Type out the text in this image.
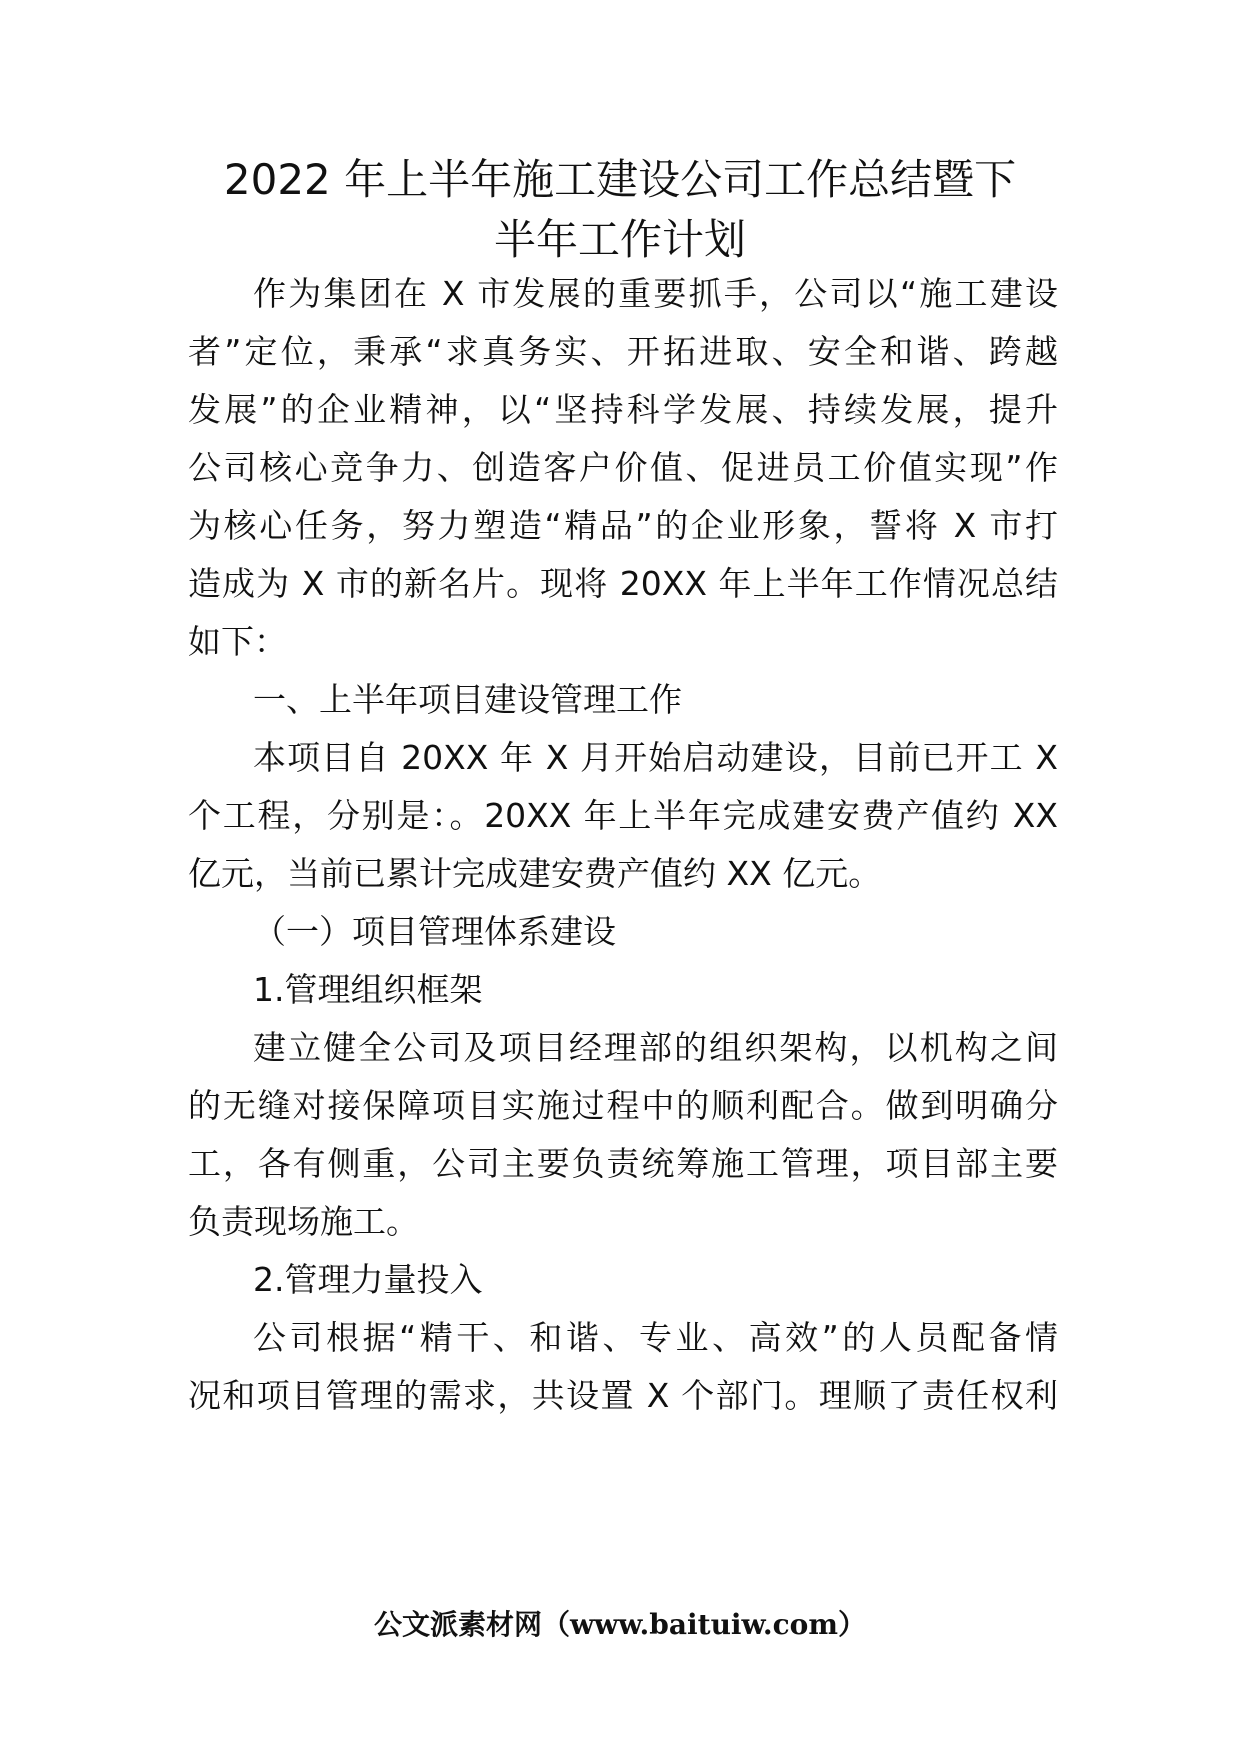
2022 年上半年施工建设公司工作总结暨下
半年工作计划
作为集团在 X 市发展的重要抓手，公司以“施工建设
者”定位，秉承“求真务实、开拓进取、安全和谐、跨越
发展”的企业精神，以“坚持科学发展、持续发展，提升
公司核心竞争力、创造客户价值、促进员工价值实现”作
为核心任务，努力塑造“精品”的企业形象，誓将 X 市打
造成为 X 市的新名片。现将 20XX 年上半年工作情况总结
如下：
一、上半年项目建设管理工作
本项目自 20XX 年 X 月开始启动建设，目前已开工 X
个工程，分别是：。20XX 年上半年完成建安费产值约 XX
亿元，当前已累计完成建安费产值约 XX 亿元。
（一）项目管理体系建设
1.管理组织框架
建立健全公司及项目经理部的组织架构，以机构之间
的无缝对接保障项目实施过程中的顺利配合。做到明确分
工，各有侧重，公司主要负责统筹施工管理，项目部主要
负责现场施工。
2.管理力量投入
公司根据“精干、和谐、专业、高效”的人员配备情
况和项目管理的需求，共设置 X 个部门。理顺了责任权利
公文派素材网（www.baituiw.com）
